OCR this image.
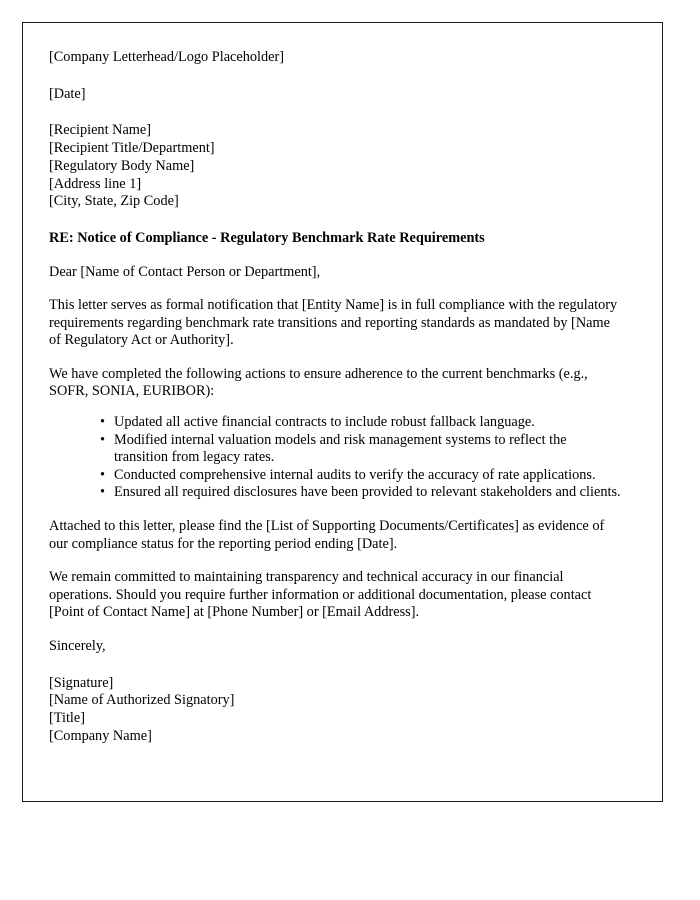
[Company Letterhead/Logo Placeholder]
[Date]
[Recipient Name]
[Recipient Title/Department]
[Regulatory Body Name]
[Address line 1]
[City, State, Zip Code]
RE: Notice of Compliance - Regulatory Benchmark Rate Requirements
Dear [Name of Contact Person or Department],
This letter serves as formal notification that [Entity Name] is in full compliance with the regulatory requirements regarding benchmark rate transitions and reporting standards as mandated by [Name of Regulatory Act or Authority].
We have completed the following actions to ensure adherence to the current benchmarks (e.g., SOFR, SONIA, EURIBOR):
• Updated all active financial contracts to include robust fallback language.
• Modified internal valuation models and risk management systems to reflect the transition from legacy rates.
• Conducted comprehensive internal audits to verify the accuracy of rate applications.
• Ensured all required disclosures have been provided to relevant stakeholders and clients.
Attached to this letter, please find the [List of Supporting Documents/Certificates] as evidence of our compliance status for the reporting period ending [Date].
We remain committed to maintaining transparency and technical accuracy in our financial operations. Should you require further information or additional documentation, please contact [Point of Contact Name] at [Phone Number] or [Email Address].
Sincerely,
[Signature]
[Name of Authorized Signatory]
[Title]
[Company Name]
